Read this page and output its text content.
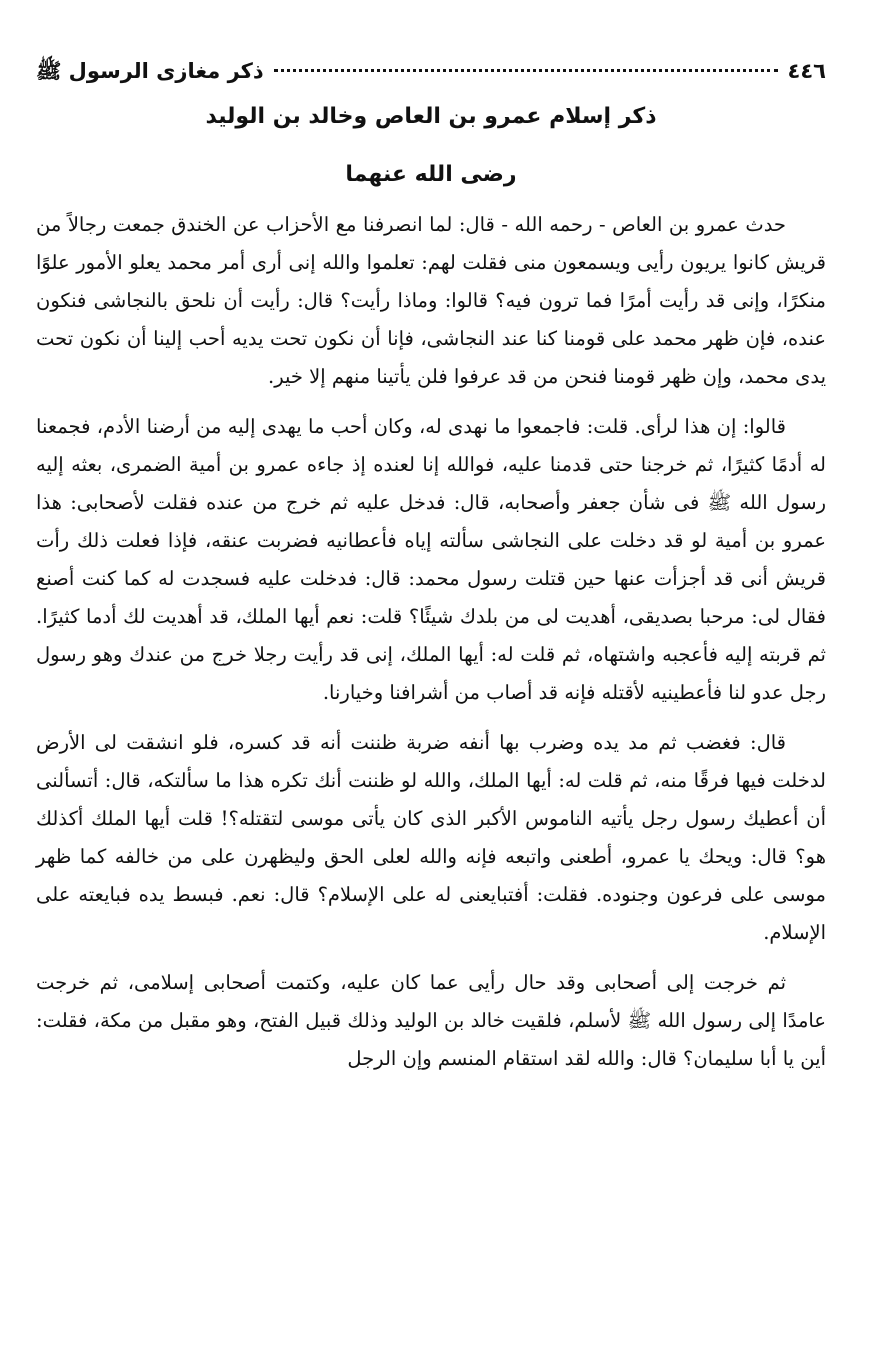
٤٤٦
ذكر مغازى الرسول ﷺ
ذكر إسلام عمرو بن العاص وخالد بن الوليد
رضى الله عنهما

حدث عمرو بن العاص - رحمه الله - قال: لما انصرفنا مع الأحزاب عن الخندق جمعت رجالاً من قريش كانوا يريون رأيى ويسمعون منى فقلت لهم: تعلموا والله إنى أرى أمر محمد يعلو الأمور علوًا منكرًا، وإنى قد رأيت أمرًا فما ترون فيه؟ قالوا: وماذا رأيت؟ قال: رأيت أن نلحق بالنجاشى فنكون عنده، فإن ظهر محمد على قومنا كنا عند النجاشى، فإنا أن نكون تحت يديه أحب إلينا أن نكون تحت يدى محمد، وإن ظهر قومنا فنحن من قد عرفوا فلن يأتينا منهم إلا خير.

قالوا: إن هذا لرأى. قلت: فاجمعوا ما نهدى له، وكان أحب ما يهدى إليه من أرضنا الأدم، فجمعنا له أدمًا كثيرًا، ثم خرجنا حتى قدمنا عليه، فوالله إنا لعنده إذ جاءه عمرو بن أمية الضمرى، بعثه إليه رسول الله ﷺ فى شأن جعفر وأصحابه، قال: فدخل عليه ثم خرج من عنده فقلت لأصحابى: هذا عمرو بن أمية لو قد دخلت على النجاشى سألته إياه فأعطانيه فضربت عنقه، فإذا فعلت ذلك رأت قريش أنى قد أجزأت عنها حين قتلت رسول محمد: قال: فدخلت عليه فسجدت له كما كنت أصنع فقال لى: مرحبا بصديقى، أهديت لى من بلدك شيئًا؟ قلت: نعم أيها الملك، قد أهديت لك أدما كثيرًا. ثم قربته إليه فأعجبه واشتهاه، ثم قلت له: أيها الملك، إنى قد رأيت رجلا خرج من عندك وهو رسول رجل عدو لنا فأعطينيه لأقتله فإنه قد أصاب من أشرافنا وخيارنا.

قال: فغضب ثم مد يده وضرب بها أنفه ضربة ظننت أنه قد كسره، فلو انشقت لى الأرض لدخلت فيها فرقًا منه، ثم قلت له: أيها الملك، والله لو ظننت أنك تكره هذا ما سألتكه، قال: أتسألنى أن أعطيك رسول رجل يأتيه الناموس الأكبر الذى كان يأتى موسى لتقتله؟! قلت أيها الملك أكذلك هو؟ قال: ويحك يا عمرو، أطعنى واتبعه فإنه والله لعلى الحق وليظهرن على من خالفه كما ظهر موسى على فرعون وجنوده. فقلت: أفتبايعنى له على الإسلام؟ قال: نعم. فبسط يده فبايعته على الإسلام.

ثم خرجت إلى أصحابى وقد حال رأيى عما كان عليه، وكتمت أصحابى إسلامى، ثم خرجت عامدًا إلى رسول الله ﷺ لأسلم، فلقيت خالد بن الوليد وذلك قبيل الفتح، وهو مقبل من مكة، فقلت: أين يا أبا سليمان؟ قال: والله لقد استقام المنسم وإن الرجل
